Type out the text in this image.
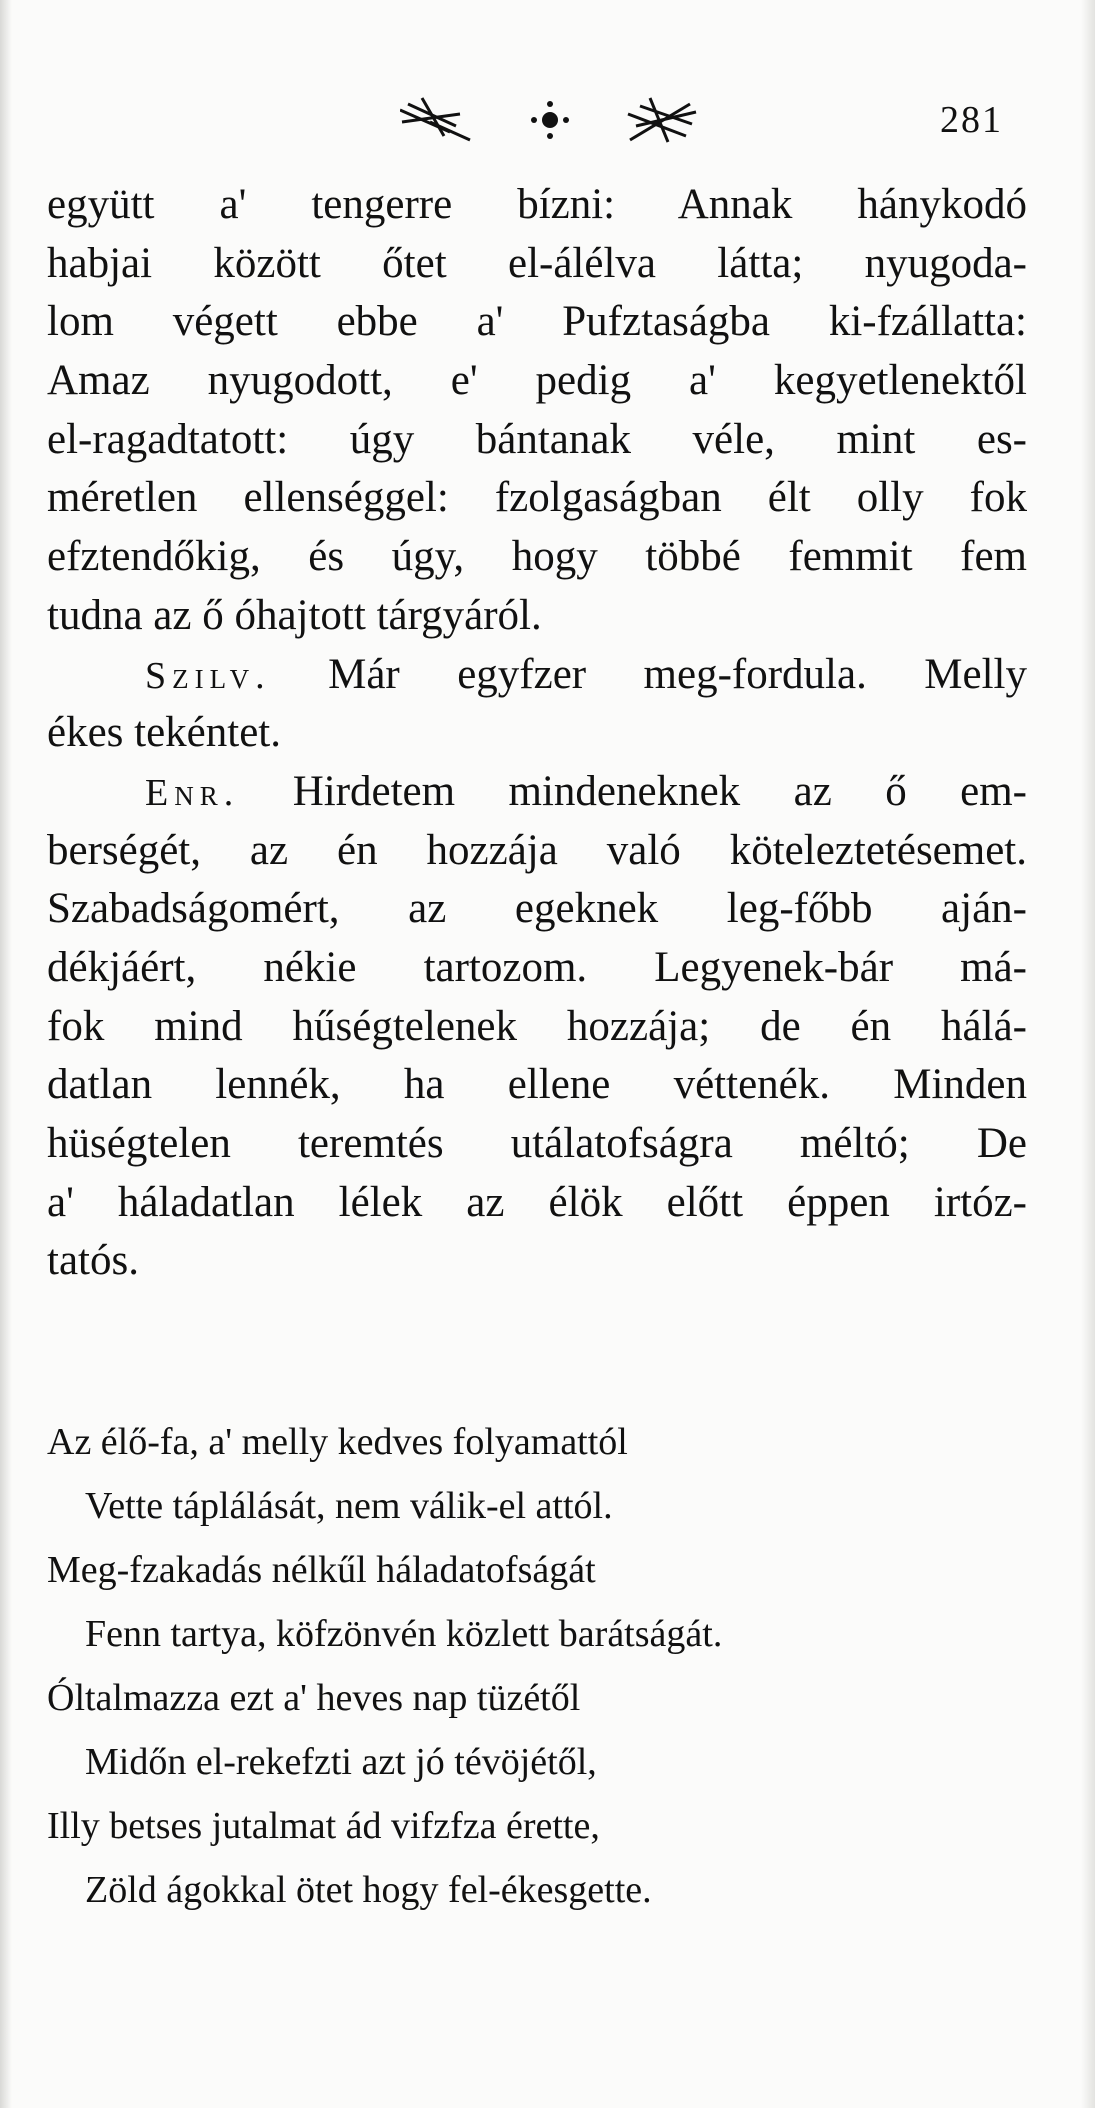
281
együtt a' tengerre bízni: Annak hánykodó
habjai között őtet el-álélva látta; nyugoda-
lom végett ebbe a' Pufztaságba ki-fzállatta:
Amaz nyugodott, e' pedig a' kegyetlenektől
el-ragadtatott: úgy bántanak véle, mint es-
méretlen ellenséggel: fzolgaságban élt olly fok
efztendőkig, és úgy, hogy többé femmit fem
tudna az ő óhajtott tárgyáról.
Szilv. Már egyfzer meg-fordula. Melly
ékes tekéntet.
Enr. Hirdetem mindeneknek az ő em-
berségét, az én hozzája való köteleztetésemet.
Szabadságomért, az egeknek leg-főbb aján-
dékjáért, nékie tartozom. Legyenek-bár má-
fok mind hűségtelenek hozzája; de én hálá-
datlan lennék, ha ellene véttenék. Minden
hüségtelen teremtés utálatofságra méltó; De
a' háladatlan lélek az élök előtt éppen irtóz-
tatós.
Az élő-fa, a' melly kedves folyamattól
Vette táplálását, nem válik-el attól.
Meg-fzakadás nélkűl háladatofságát
Fenn tartya, köfzönvén közlett barátságát.
Óltalmazza ezt a' heves nap tüzétől
Midőn el-rekefzti azt jó tévöjétől,
Illy betses jutalmat ád vifzfza érette,
Zöld ágokkal ötet hogy fel-ékesgette.
